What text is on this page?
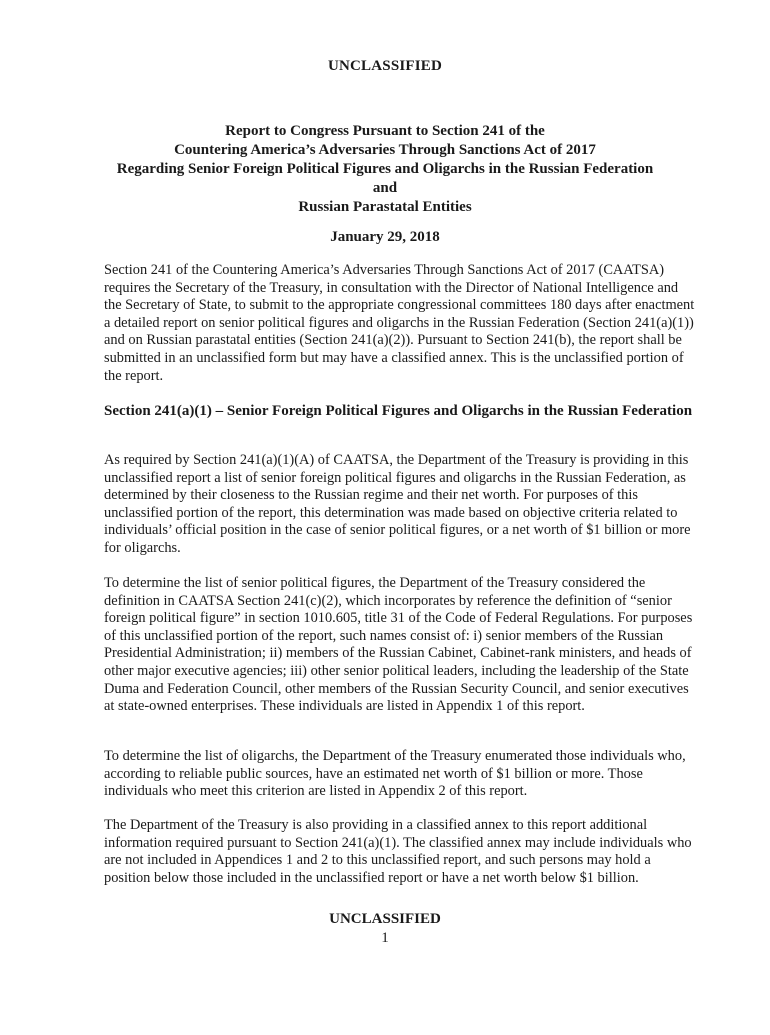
UNCLASSIFIED
Report to Congress Pursuant to Section 241 of the
Countering America’s Adversaries Through Sanctions Act of 2017
Regarding Senior Foreign Political Figures and Oligarchs in the Russian Federation
and
Russian Parastatal Entities
January 29, 2018
Section 241 of the Countering America’s Adversaries Through Sanctions Act of 2017 (CAATSA) requires the Secretary of the Treasury, in consultation with the Director of National Intelligence and the Secretary of State, to submit to the appropriate congressional committees 180 days after enactment a detailed report on senior political figures and oligarchs in the Russian Federation (Section 241(a)(1)) and on Russian parastatal entities (Section 241(a)(2)). Pursuant to Section 241(b), the report shall be submitted in an unclassified form but may have a classified annex. This is the unclassified portion of the report.
Section 241(a)(1) – Senior Foreign Political Figures and Oligarchs in the Russian Federation
As required by Section 241(a)(1)(A) of CAATSA, the Department of the Treasury is providing in this unclassified report a list of senior foreign political figures and oligarchs in the Russian Federation, as determined by their closeness to the Russian regime and their net worth. For purposes of this unclassified portion of the report, this determination was made based on objective criteria related to individuals’ official position in the case of senior political figures, or a net worth of $1 billion or more for oligarchs.
To determine the list of senior political figures, the Department of the Treasury considered the definition in CAATSA Section 241(c)(2), which incorporates by reference the definition of “senior foreign political figure” in section 1010.605, title 31 of the Code of Federal Regulations. For purposes of this unclassified portion of the report, such names consist of: i) senior members of the Russian Presidential Administration; ii) members of the Russian Cabinet, Cabinet-rank ministers, and heads of other major executive agencies; iii) other senior political leaders, including the leadership of the State Duma and Federation Council, other members of the Russian Security Council, and senior executives at state-owned enterprises. These individuals are listed in Appendix 1 of this report.
To determine the list of oligarchs, the Department of the Treasury enumerated those individuals who, according to reliable public sources, have an estimated net worth of $1 billion or more. Those individuals who meet this criterion are listed in Appendix 2 of this report.
The Department of the Treasury is also providing in a classified annex to this report additional information required pursuant to Section 241(a)(1). The classified annex may include individuals who are not included in Appendices 1 and 2 to this unclassified report, and such persons may hold a position below those included in the unclassified report or have a net worth below $1 billion.
UNCLASSIFIED
1
